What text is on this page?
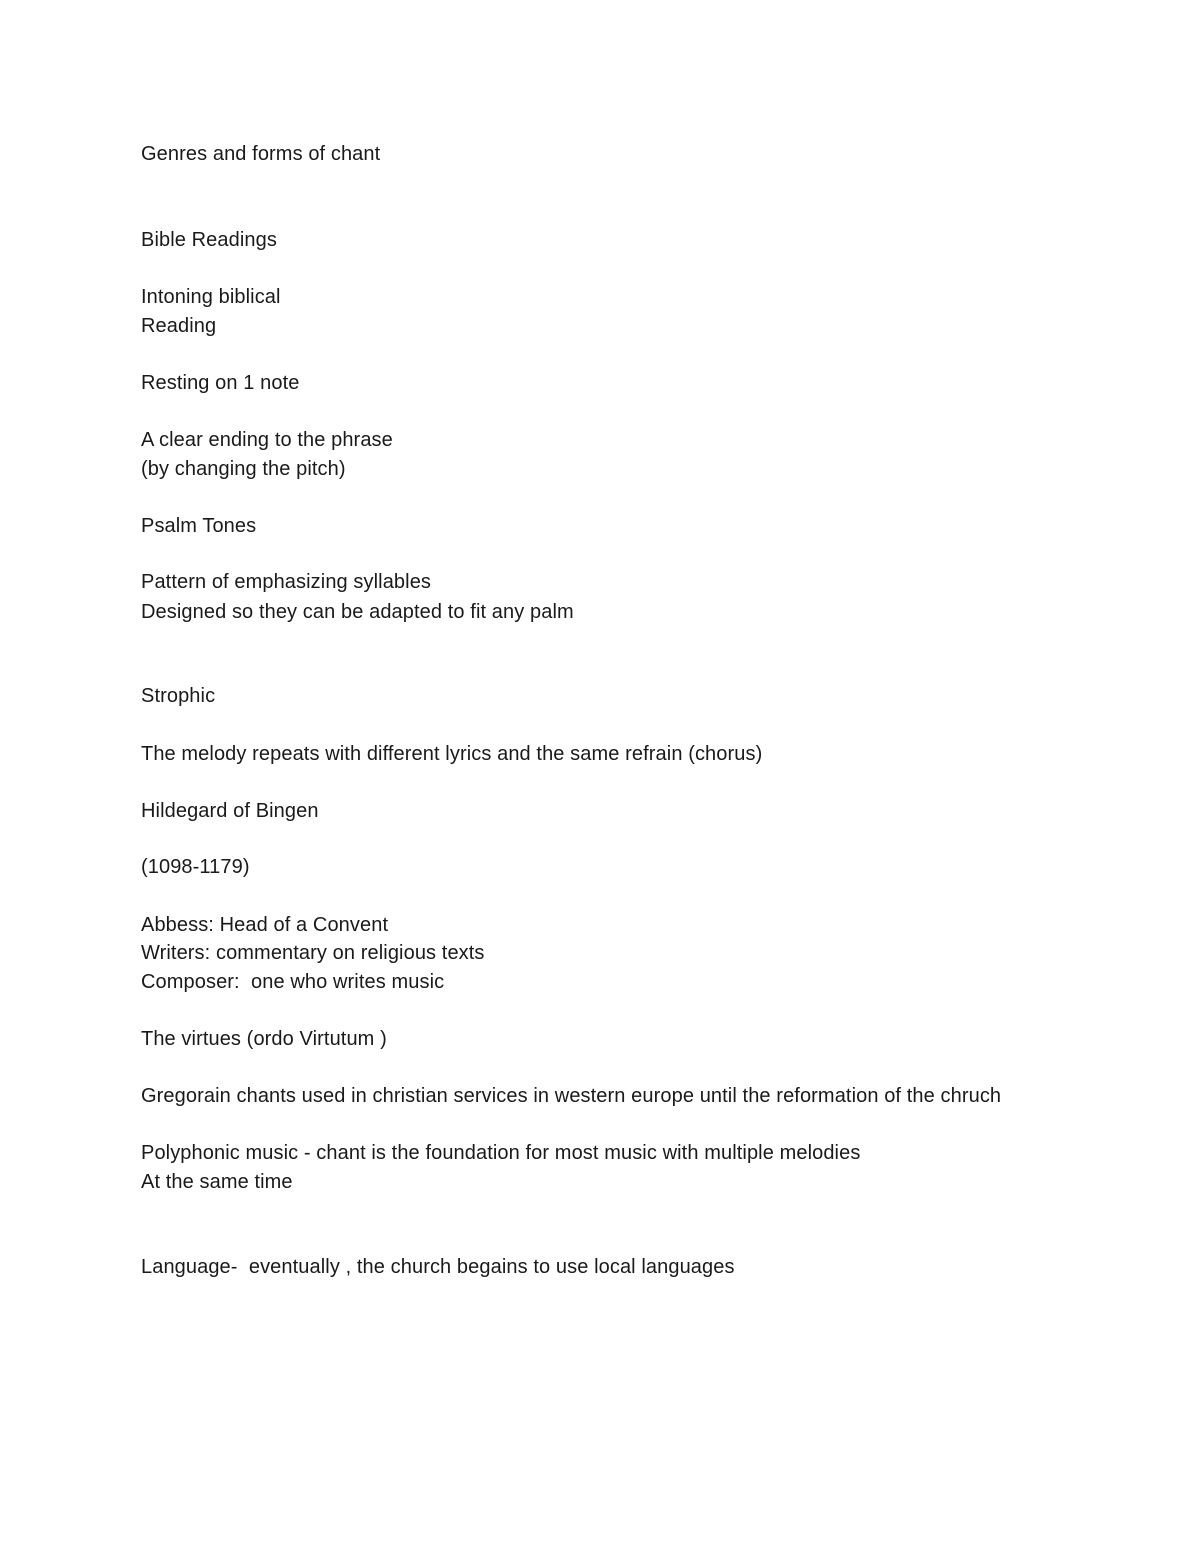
Genres and forms of chant
Bible Readings
Intoning biblical
Reading
Resting on 1 note
A clear ending to the phrase
(by changing the pitch)
Psalm Tones
Pattern of emphasizing syllables
Designed so they can be adapted to fit any palm
Strophic
The melody repeats with different lyrics and the same refrain (chorus)
Hildegard of Bingen
(1098-1179)
Abbess: Head of a Convent
Writers: commentary on religious texts
Composer:  one who writes music
The virtues (ordo Virtutum )
Gregorain chants used in christian services in western europe until the reformation of the chruch
Polyphonic music - chant is the foundation for most music with multiple melodies
At the same time
Language-  eventually , the church begains to use local languages
